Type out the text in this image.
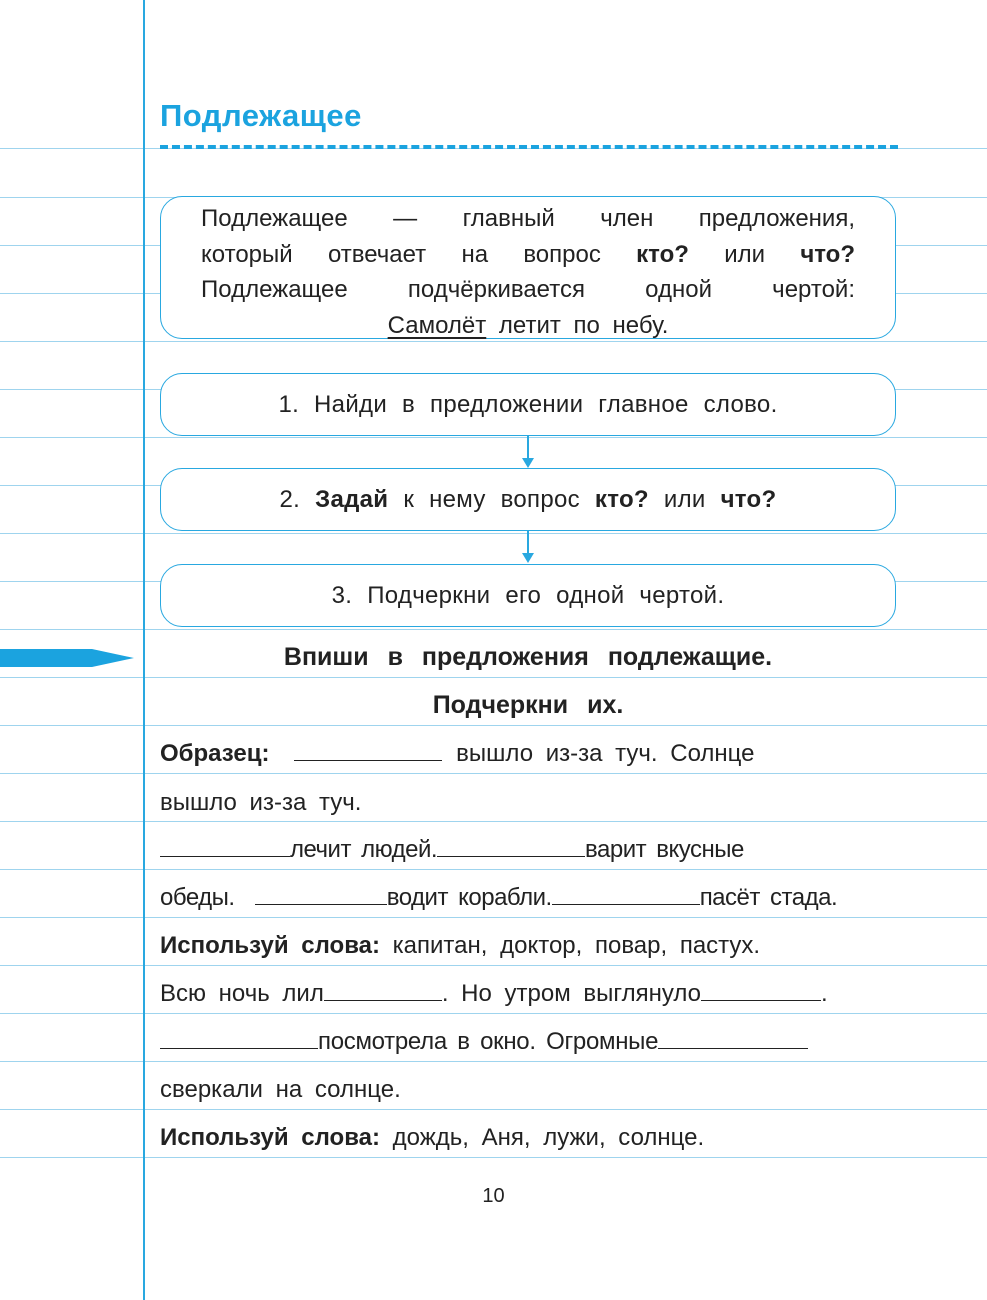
Подлежащее
Подлежащее — главный член предложения,
который отвечает на вопрос кто? или что?
Подлежащее подчёркивается одной чертой:
Самолёт летит по небу.
1. Найди в предложении главное слово.
2. Задай к нему вопрос кто? или что?
3. Подчеркни его одной чертой.
Впиши в предложения подлежащие.
Подчеркни их.
Образец:	вышло из-за туч. Солнце
вышло из-за туч.
лечит людей.	варит вкусные
обеды.	водит корабли.	пасёт стада.
Используй слова: капитан, доктор, повар, пастух.
Всю ночь лил	. Но утром выглянуло	.
посмотрела в окно. Огромные
сверкали на солнце.
Используй слова: дождь, Аня, лужи, солнце.
10
